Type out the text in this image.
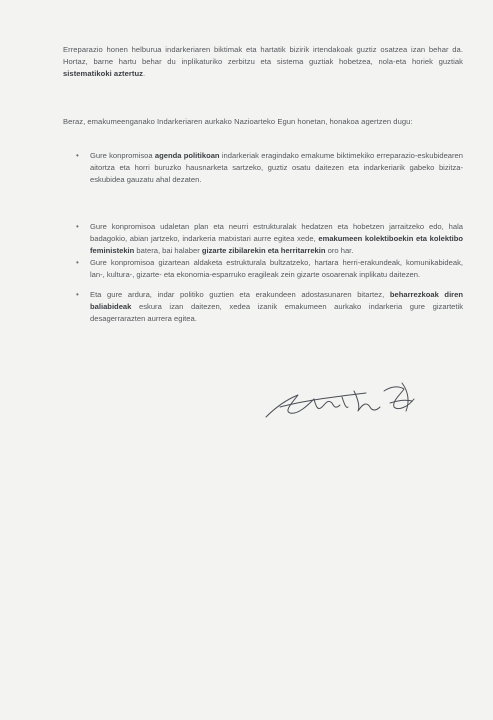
Erreparazio honen helburua indarkeriaren biktimak eta hartatik bizirik irtendakoak guztiz osatzea izan behar da. Hortaz, barne hartu behar du inplikaturiko zerbitzu eta sistema guztiak hobetzea, nola-eta horiek guztiak sistematikoki aztertuz.
Beraz, emakumeenganako Indarkeriaren aurkako Nazioarteko Egun honetan, honakoa agertzen dugu:
• Gure konpromisoa agenda politikoan indarkeriak eragindako emakume biktimekiko erreparazio-eskubidearen aitortza eta horri buruzko hausnarketa sartzeko, guztiz osatu daitezen eta indarkeriarik gabeko bizitza-eskubidea gauzatu ahal dezaten.
• Gure konpromisoa udaletan plan eta neurri estrukturalak hedatzen eta hobetzen jarraitzeko edo, hala badagokio, abian jartzeko, indarkeria matxistari aurre egitea xede, emakumeen kolektiboekin eta kolektibo feministekin batera, bai halaber gizarte zibilarekin eta herritarrekin oro har.
• Gure konpromisoa gizartean aldaketa estrukturala bultzatzeko, hartara herri-erakundeak, komunikabideak, lan-, kultura-, gizarte- eta ekonomia-esparruko eragileak zein gizarte osoarenak inplikatu daitezen.
• Eta gure ardura, indar politiko guztien eta erakundeen adostasunaren bitartez, beharrezkoak diren baliabideak eskura izan daitezen, xedea izanik emakumeen aurkako indarkeria gure gizartetik desagerrarazten aurrera egitea.
